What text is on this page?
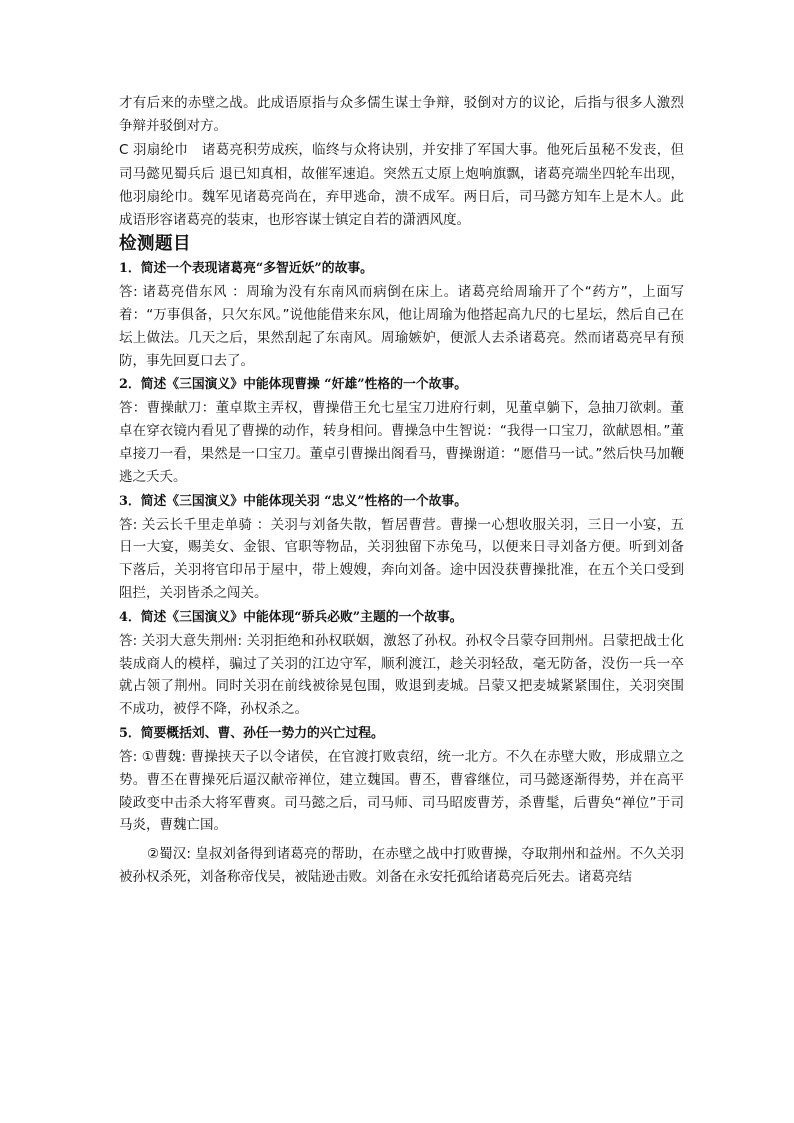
才有后来的赤壁之战。此成语原指与众多儒生谋士争辩，驳倒对方的议论，后指与很多人激烈争辩并驳倒对方。

C 羽扇纶巾　诸葛亮积劳成疾，临终与众将诀别，并安排了军国大事。他死后虽秘不发丧，但司马懿见蜀兵后 退已知真相，故催军速追。突然五丈原上炮响旗飘，诸葛亮端坐四轮车出现，他羽扇纶巾。魏军见诸葛亮尚在，弃甲逃命，溃不成军。两日后，司马懿方知车上是木人。此成语形容诸葛亮的装束，也形容谋士镇定自若的潇洒风度。

检测题目
1．简述一个表现诸葛亮“多智近妖”的故事。

答: 诸葛亮借东风 ：周瑜为没有东南风而病倒在床上。诸葛亮给周瑜开了个“药方”，上面写着：“万事俱备，只欠东风。”说他能借来东风，他让周瑜为他搭起高九尺的七星坛，然后自己在坛上做法。几天之后，果然刮起了东南风。周瑜嫉妒，便派人去杀诸葛亮。然而诸葛亮早有预防，事先回夏口去了。

2．简述《三国演义》中能体现曹操 “奸雄”性格的一个故事。

答：曹操献刀：董卓欺主弄权，曹操借王允七星宝刀进府行刺，见董卓躺下，急抽刀欲刺。董卓在穿衣镜内看见了曹操的动作，转身相问。曹操急中生智说：“我得一口宝刀，欲献恩相。”董卓接刀一看，果然是一口宝刀。董卓引曹操出阁看马，曹操谢道：“愿借马一试。”然后快马加鞭逃之夭夭。

3．简述《三国演义》中能体现关羽 “忠义”性格的一个故事。

答: 关云长千里走单骑 ：关羽与刘备失散，暂居曹营。曹操一心想收服关羽，三日一小宴，五日一大宴，赐美女、金银、官职等物品，关羽独留下赤兔马，以便来日寻刘备方便。听到刘备下落后，关羽将官印吊于屋中，带上嫂嫂，奔向刘备。途中因没获曹操批准，在五个关口受到阻拦，关羽皆杀之闯关。

4．简述《三国演义》中能体现“骄兵必败”主题的一个故事。

答: 关羽大意失荆州: 关羽拒绝和孙权联姻，激怒了孙权。孙权令吕蒙夺回荆州。吕蒙把战士化装成商人的模样，骗过了关羽的江边守军，顺利渡江，趁关羽轻敌，毫无防备，没伤一兵一卒就占领了荆州。同时关羽在前线被徐晃包围，败退到麦城。吕蒙又把麦城紧紧围住，关羽突围不成功，被俘不降，孙权杀之。

5．简要概括刘、曹、孙任一势力的兴亡过程。

答: ①曹魏: 曹操挟天子以令诸侯，在官渡打败袁绍，统一北方。不久在赤壁大败，形成鼎立之势。曹丕在曹操死后逼汉献帝禅位，建立魏国。曹丕，曹睿继位，司马懿逐渐得势，并在高平陵政变中击杀大将军曹爽。司马懿之后，司马师、司马昭废曹芳，杀曹髦，后曹奂“禅位”于司马炎，曹魏亡国。

②蜀汉: 皇叔刘备得到诸葛亮的帮助，在赤壁之战中打败曹操，夺取荆州和益州。不久关羽被孙权杀死，刘备称帝伐吴，被陆逊击败。刘备在永安托孤给诸葛亮后死去。诸葛亮结
